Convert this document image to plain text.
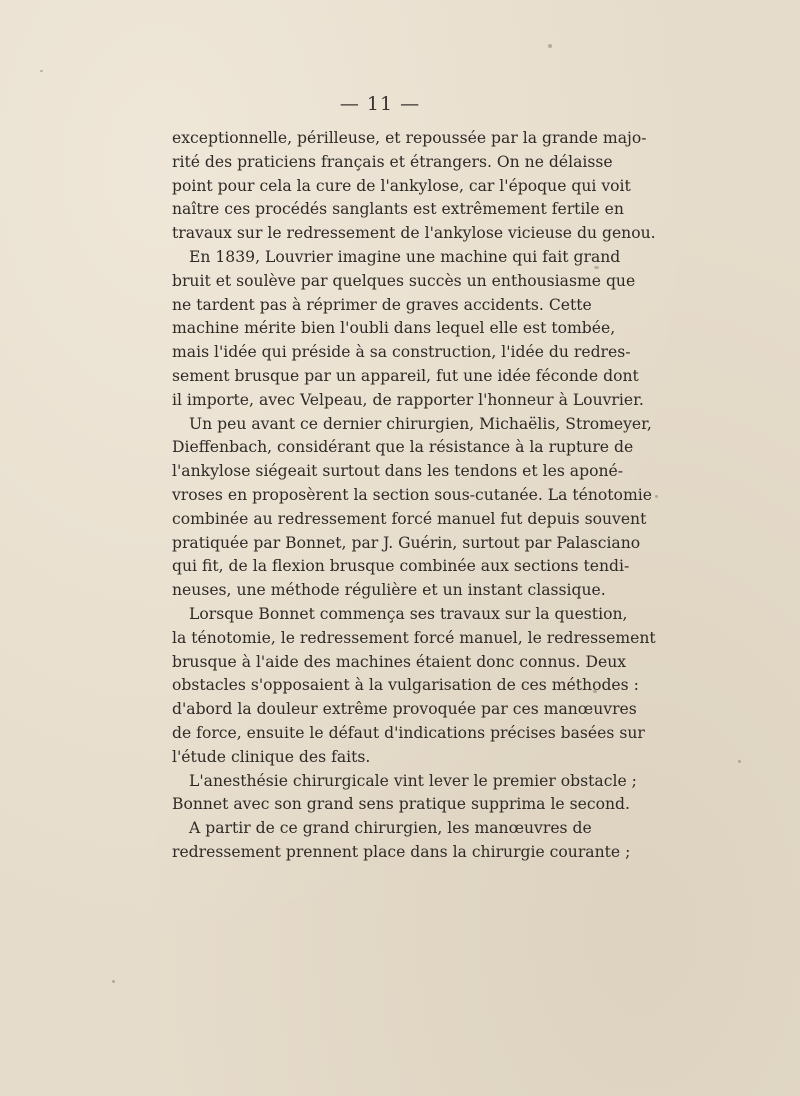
— 11 —
exceptionnelle, périlleuse, et repoussée par la grande majo-
rité des praticiens français et étrangers. On ne délaisse
point pour cela la cure de l'ankylose, car l'époque qui voit
naître ces procédés sanglants est extrêmement fertile en
travaux sur le redressement de l'ankylose vicieuse du genou.
En 1839, Louvrier imagine une machine qui fait grand
bruit et soulève par quelques succès un enthousiasme que
ne tardent pas à réprimer de graves accidents. Cette
machine mérite bien l'oubli dans lequel elle est tombée,
mais l'idée qui préside à sa construction, l'idée du redres-
sement brusque par un appareil, fut une idée féconde dont
il importe, avec Velpeau, de rapporter l'honneur à Louvrier.
Un peu avant ce dernier chirurgien, Michaëlis, Stromeyer,
Dieffenbach, considérant que la résistance à la rupture de
l'ankylose siégeait surtout dans les tendons et les aponé-
vroses en proposèrent la section sous-cutanée. La ténotomie
combinée au redressement forcé manuel fut depuis souvent
pratiquée par Bonnet, par J. Guérin, surtout par Palasciano
qui fit, de la flexion brusque combinée aux sections tendi-
neuses, une méthode régulière et un instant classique.
Lorsque Bonnet commença ses travaux sur la question,
la ténotomie, le redressement forcé manuel, le redressement
brusque à l'aide des machines étaient donc connus. Deux
obstacles s'opposaient à la vulgarisation de ces méthodes :
d'abord la douleur extrême provoquée par ces manœuvres
de force, ensuite le défaut d'indications précises basées sur
l'étude clinique des faits.
L'anesthésie chirurgicale vint lever le premier obstacle ;
Bonnet avec son grand sens pratique supprima le second.
A partir de ce grand chirurgien, les manœuvres de
redressement prennent place dans la chirurgie courante ;
